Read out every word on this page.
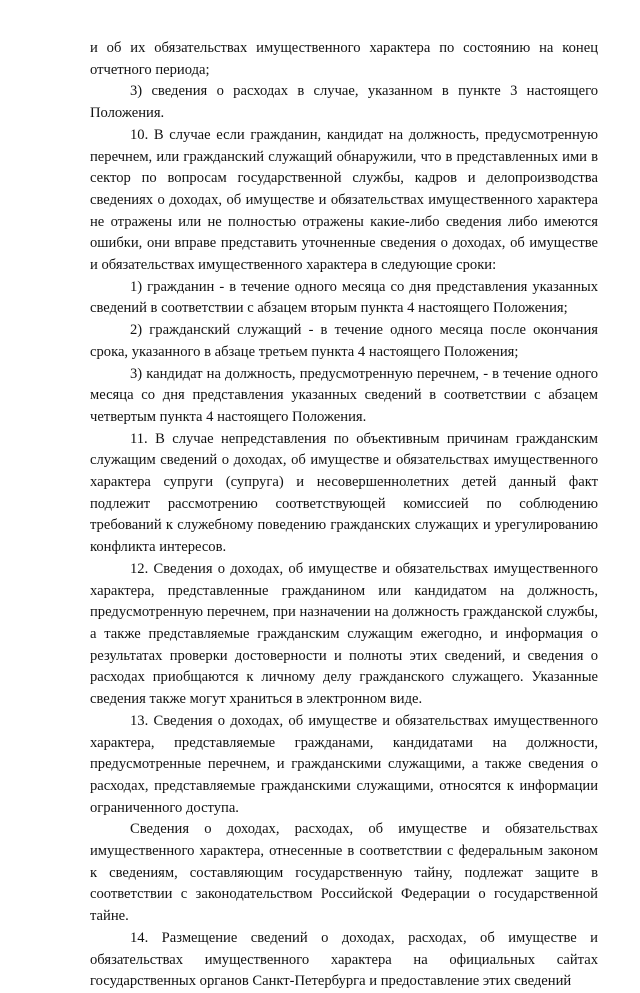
и об их обязательствах имущественного характера по состоянию на конец отчетного периода;

3) сведения о расходах в случае, указанном в пункте 3 настоящего Положения.

10. В случае если гражданин, кандидат на должность, предусмотренную перечнем, или гражданский служащий обнаружили, что в представленных ими в сектор по вопросам государственной службы, кадров и делопроизводства сведениях о доходах, об имуществе и обязательствах имущественного характера не отражены или не полностью отражены какие-либо сведения либо имеются ошибки, они вправе представить уточненные сведения о доходах, об имуществе и обязательствах имущественного характера в следующие сроки:

1) гражданин - в течение одного месяца со дня представления указанных сведений в соответствии с абзацем вторым пункта 4 настоящего Положения;

2) гражданский служащий - в течение одного месяца после окончания срока, указанного в абзаце третьем пункта 4 настоящего Положения;

3) кандидат на должность, предусмотренную перечнем, - в течение одного месяца со дня представления указанных сведений в соответствии с абзацем четвертым пункта 4 настоящего Положения.

11. В случае непредставления по объективным причинам гражданским служащим сведений о доходах, об имуществе и обязательствах имущественного характера супруги (супруга) и несовершеннолетних детей данный факт подлежит рассмотрению соответствующей комиссией по соблюдению требований к служебному поведению гражданских служащих и урегулированию конфликта интересов.

12. Сведения о доходах, об имуществе и обязательствах имущественного характера, представленные гражданином или кандидатом на должность, предусмотренную перечнем, при назначении на должность гражданской службы, а также представляемые гражданским служащим ежегодно, и информация о результатах проверки достоверности и полноты этих сведений, и сведения о расходах приобщаются к личному делу гражданского служащего. Указанные сведения также могут храниться в электронном виде.

13. Сведения о доходах, об имуществе и обязательствах имущественного характера, представляемые гражданами, кандидатами на должности, предусмотренные перечнем, и гражданскими служащими, а также сведения о расходах, представляемые гражданскими служащими, относятся к информации ограниченного доступа.

Сведения о доходах, расходах, об имуществе и обязательствах имущественного характера, отнесенные в соответствии с федеральным законом к сведениям, составляющим государственную тайну, подлежат защите в соответствии с законодательством Российской Федерации о государственной тайне.

14. Размещение сведений о доходах, расходах, об имуществе и обязательствах имущественного характера на официальных сайтах государственных органов Санкт-Петербурга и предоставление этих сведений
